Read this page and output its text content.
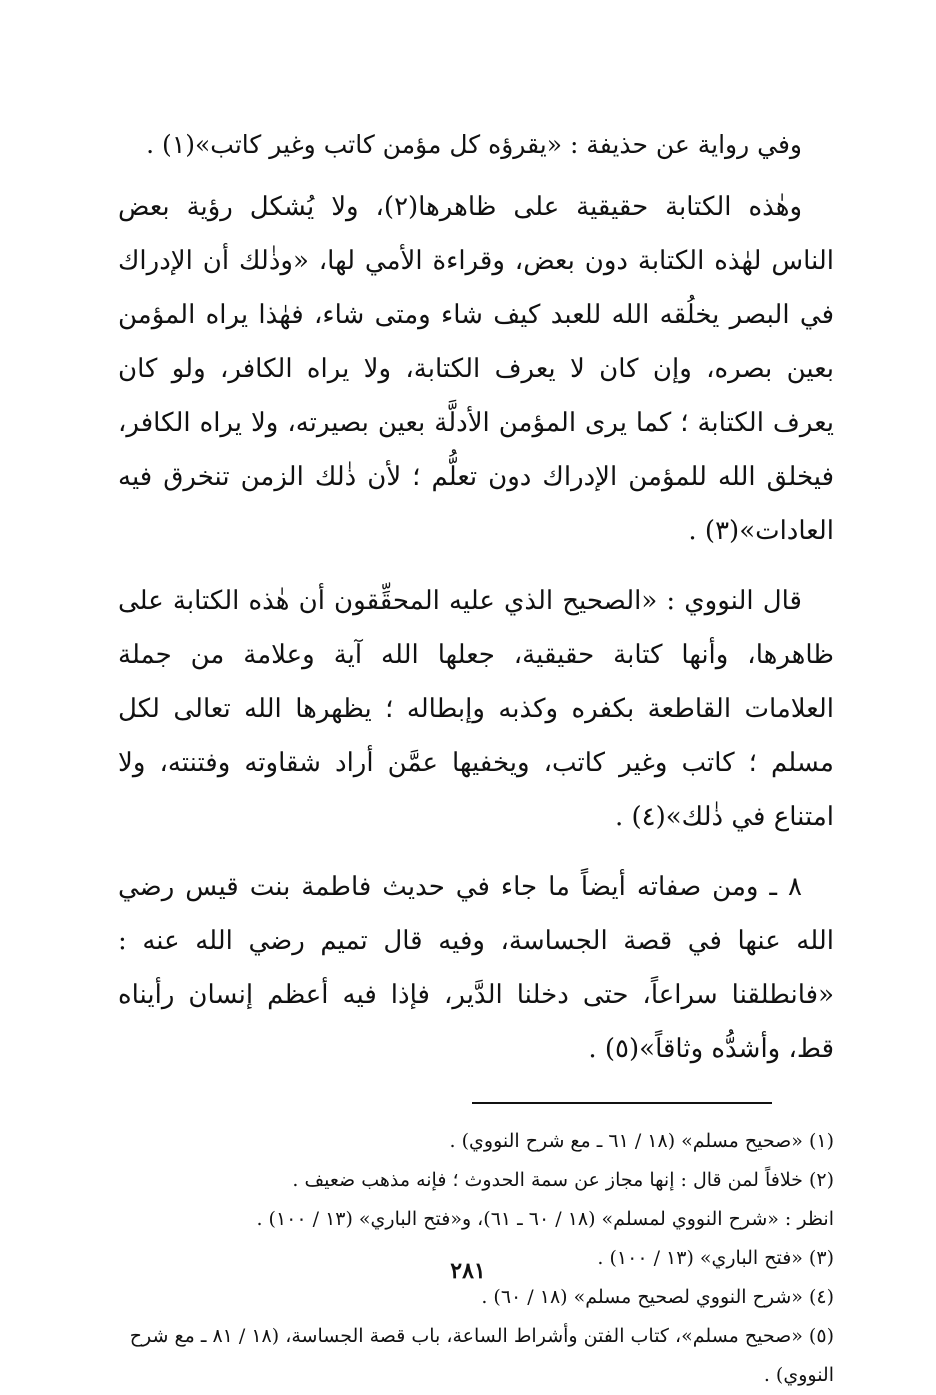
وفي رواية عن حذيفة : «يقرؤه كل مؤمن كاتب وغير كاتب»(١) .

وهٰذه الكتابة حقيقية على ظاهرها(٢)، ولا يُشكل رؤية بعض الناس لهٰذه الكتابة دون بعض، وقراءة الأمي لها، «وذٰلك أن الإدراك في البصر يخلُقه الله للعبد كيف شاء ومتى شاء، فهٰذا يراه المؤمن بعين بصره، وإن كان لا يعرف الكتابة، ولا يراه الكافر، ولو كان يعرف الكتابة ؛ كما يرى المؤمن الأدلَّة بعين بصيرته، ولا يراه الكافر، فيخلق الله للمؤمن الإدراك دون تعلُّم ؛ لأن ذٰلك الزمن تنخرق فيه العادات»(٣) .

قال النووي : «الصحيح الذي عليه المحقِّقون أن هٰذه الكتابة على ظاهرها، وأنها كتابة حقيقية، جعلها الله آية وعلامة من جملة العلامات القاطعة بكفره وكذبه وإبطاله ؛ يظهرها الله تعالى لكل مسلم ؛ كاتب وغير كاتب، ويخفيها عمَّن أراد شقاوته وفتنته، ولا امتناع في ذٰلك»(٤) .

٨ ـ ومن صفاته أيضاً ما جاء في حديث فاطمة بنت قيس رضي الله عنها في قصة الجساسة، وفيه قال تميم رضي الله عنه : «فانطلقنا سراعاً، حتى دخلنا الدَّير، فإذا فيه أعظم إنسان رأيناه قط، وأشدُّه وثاقاً»(٥) .

(١) «صحيح مسلم» (١٨ / ٦١ ـ مع شرح النووي) .

(٢) خلافاً لمن قال : إنها مجاز عن سمة الحدوث ؛ فإنه مذهب ضعيف .

انظر : «شرح النووي لمسلم» (١٨ / ٦٠ ـ ٦١)، و«فتح الباري» (١٣ / ١٠٠) .

(٣) «فتح الباري» (١٣ / ١٠٠) .

(٤) «شرح النووي لصحيح مسلم» (١٨ / ٦٠) .

(٥) «صحيح مسلم»، كتاب الفتن وأشراط الساعة، باب قصة الجساسة، (١٨ / ٨١ ـ مع شرح النووي) .

٢٨١
